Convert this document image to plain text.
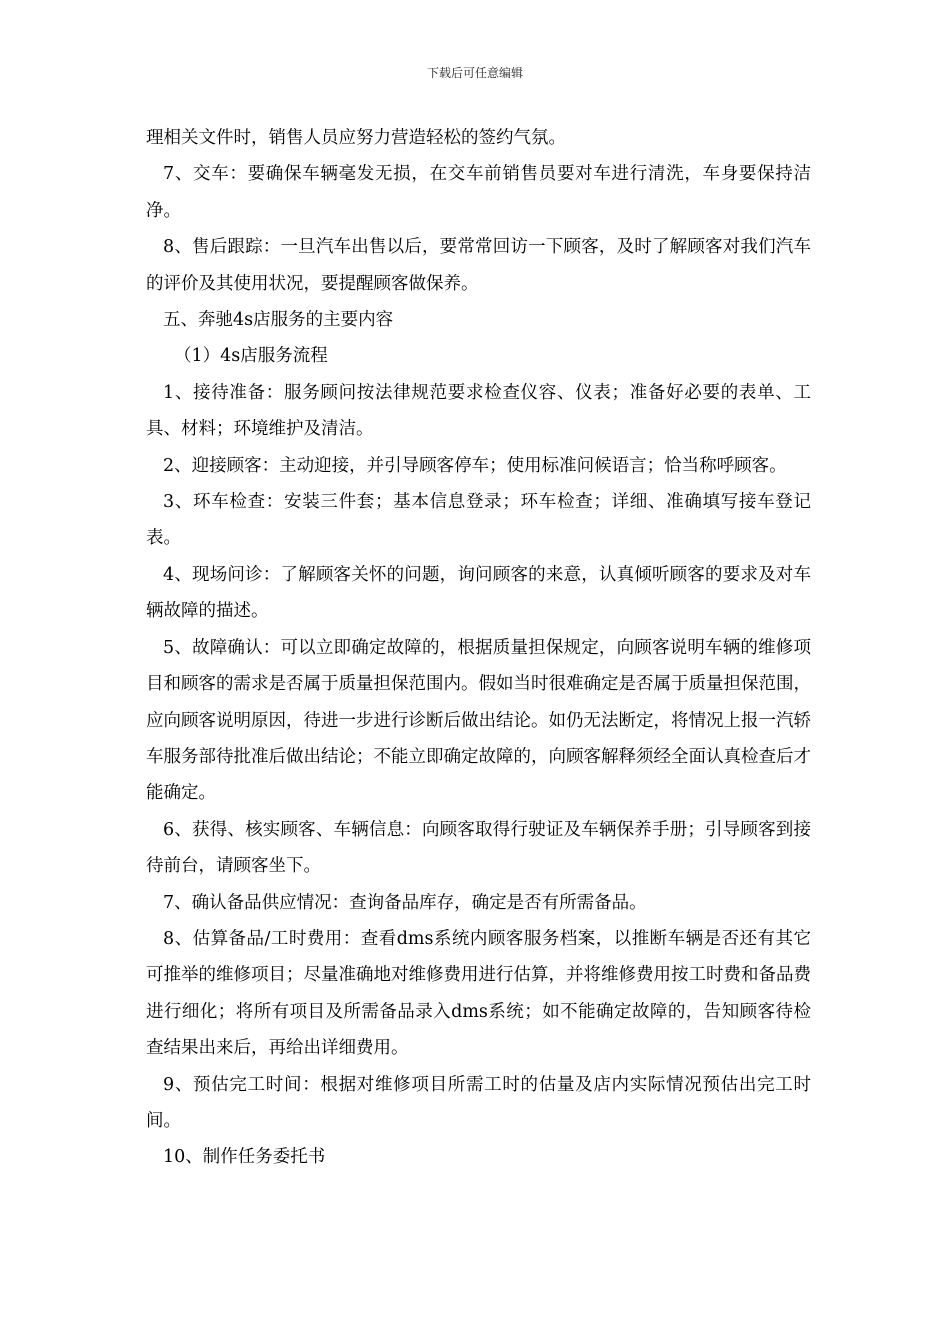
下载后可任意编辑

理相关文件时，销售人员应努力营造轻松的签约气氛。

7、交车：要确保车辆毫发无损，在交车前销售员要对车进行清洗，车身要保持洁净。

8、售后跟踪：一旦汽车出售以后，要常常回访一下顾客，及时了解顾客对我们汽车的评价及其使用状况，要提醒顾客做保养。

五、奔驰4s店服务的主要内容

（1）4s店服务流程

1、接待准备：服务顾问按法律规范要求检查仪容、仪表；准备好必要的表单、工具、材料；环境维护及清洁。

2、迎接顾客：主动迎接，并引导顾客停车；使用标准问候语言；恰当称呼顾客。

3、环车检查：安装三件套；基本信息登录；环车检查；详细、准确填写接车登记表。

4、现场问诊：了解顾客关怀的问题，询问顾客的来意，认真倾听顾客的要求及对车辆故障的描述。

5、故障确认：可以立即确定故障的，根据质量担保规定，向顾客说明车辆的维修项目和顾客的需求是否属于质量担保范围内。假如当时很难确定是否属于质量担保范围，应向顾客说明原因，待进一步进行诊断后做出结论。如仍无法断定，将情况上报一汽轿车服务部待批准后做出结论；不能立即确定故障的，向顾客解释须经全面认真检查后才能确定。

6、获得、核实顾客、车辆信息：向顾客取得行驶证及车辆保养手册；引导顾客到接待前台，请顾客坐下。

7、确认备品供应情况：查询备品库存，确定是否有所需备品。

8、估算备品/工时费用：查看dms系统内顾客服务档案，以推断车辆是否还有其它可推举的维修项目；尽量准确地对维修费用进行估算，并将维修费用按工时费和备品费进行细化；将所有项目及所需备品录入dms系统；如不能确定故障的，告知顾客待检查结果出来后，再给出详细费用。

9、预估完工时间：根据对维修项目所需工时的估量及店内实际情况预估出完工时间。

10、制作任务委托书
